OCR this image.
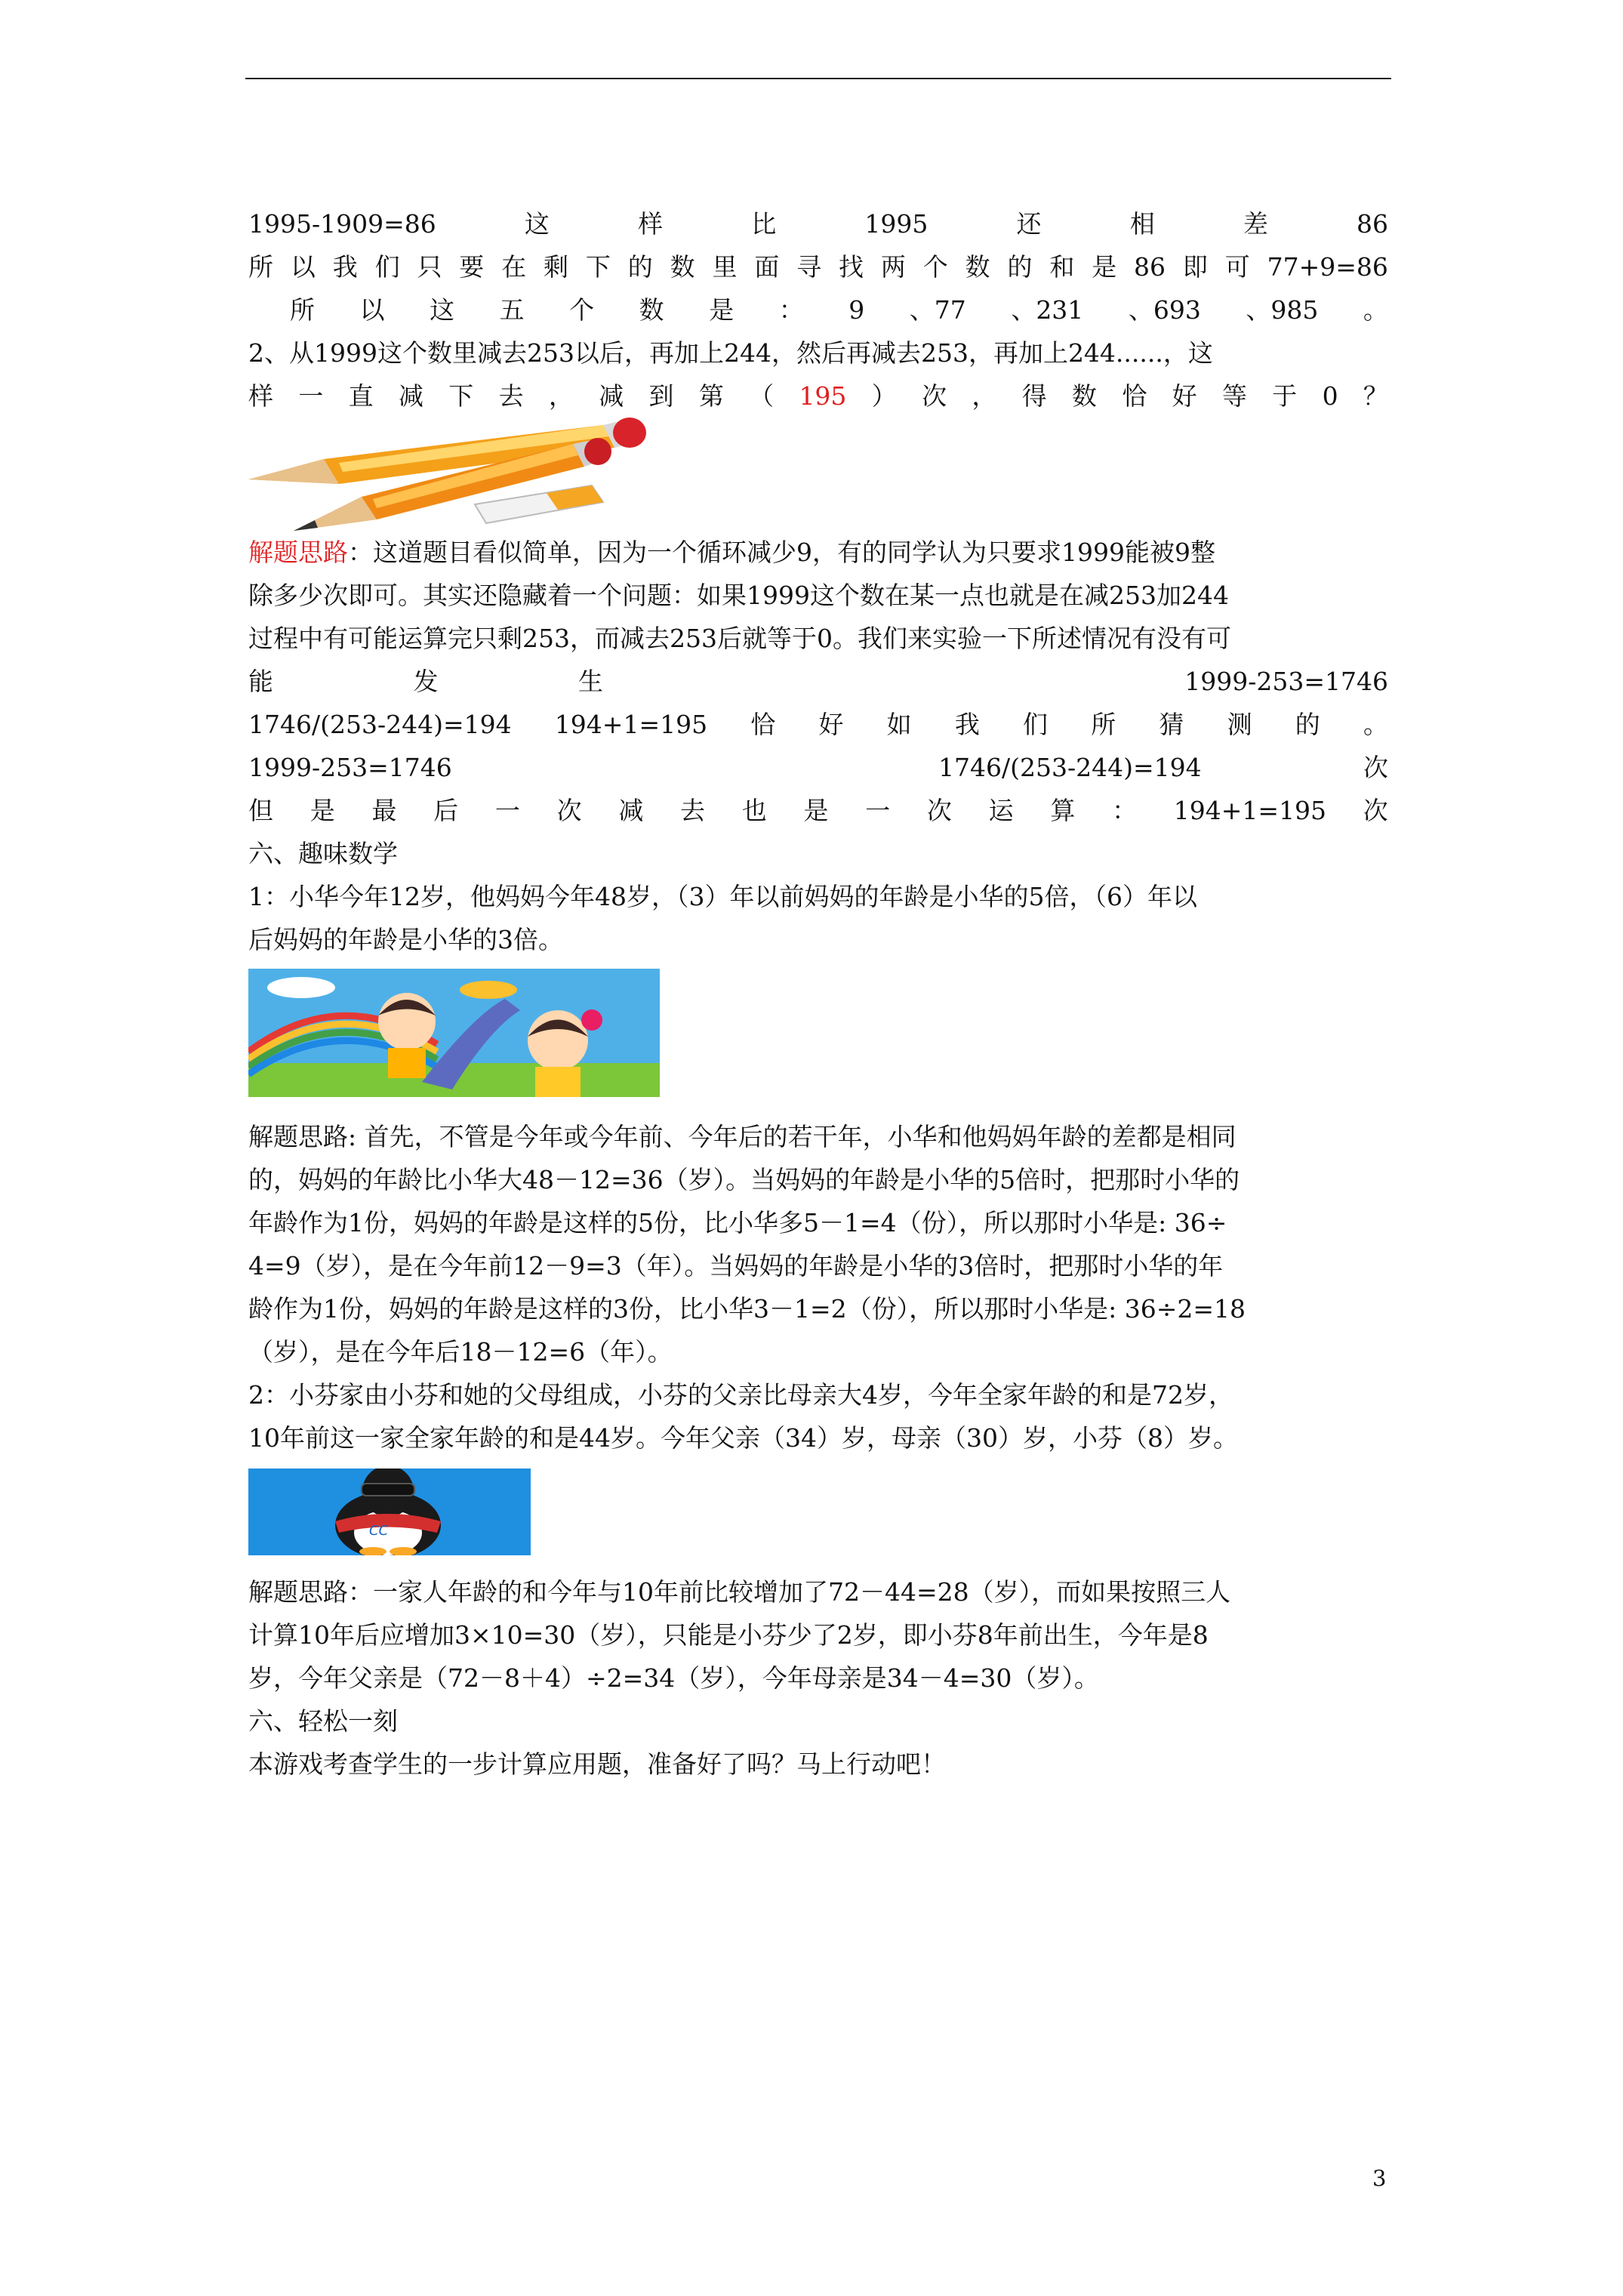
1995-1909=86	这	样	比	1995	还	相	差	86
所 以 我 们 只 要 在 剩 下 的 数 里 面 寻 找 两 个 数 的 和 是 86 即 可 77+9=86
所 以 这 五 个 数 是 ： 9 、77 、231 、693 、985 。
2、从1999这个数里减去253以后，再加上244，然后再减去253，再加上244......，这
样 一 直 减 下 去 ， 减 到 第 （ 195 ） 次 ， 得 数 恰 好 等 于 0 ？
解题思路：这道题目看似简单，因为一个循环减少9，有的同学认为只要求1999能被9整
除多少次即可。其实还隐藏着一个问题：如果1999这个数在某一点也就是在减253加244
过程中有可能运算完只剩253，而减去253后就等于0。我们来实验一下所述情况有没有可
能	发	生	1999-253=1746
1746/(253-244)=194 194+1=195 恰 好 如 我 们 所 猜 测 的 。
1999-253=1746	1746/(253-244)=194	次
但 是 最 后 一 次 减 去 也 是 一 次 运 算 ： 194+1=195 次
六、趣味数学
1：小华今年12岁，他妈妈今年48岁，（3）年以前妈妈的年龄是小华的5倍，（6）年以
后妈妈的年龄是小华的3倍。
解题思路: 首先，不管是今年或今年前、今年后的若干年，小华和他妈妈年龄的差都是相同
的，妈妈的年龄比小华大48－12=36（岁）。当妈妈的年龄是小华的5倍时，把那时小华的
年龄作为1份，妈妈的年龄是这样的5份，比小华多5－1=4（份），所以那时小华是: 36÷
4=9（岁），是在今年前12－9=3（年）。当妈妈的年龄是小华的3倍时，把那时小华的年
龄作为1份，妈妈的年龄是这样的3份，比小华3－1=2（份），所以那时小华是: 36÷2=18
（岁），是在今年后18－12=6（年）。
2：小芬家由小芬和她的父母组成，小芬的父亲比母亲大4岁，今年全家年龄的和是72岁，
10年前这一家全家年龄的和是44岁。今年父亲（34）岁，母亲（30）岁，小芬（8）岁。
CC
解题思路：一家人年龄的和今年与10年前比较增加了72－44=28（岁），而如果按照三人
计算10年后应增加3×10=30（岁），只能是小芬少了2岁，即小芬8年前出生，今年是8
岁，今年父亲是（72－8＋4）÷2=34（岁），今年母亲是34－4=30（岁）。
六、轻松一刻
本游戏考查学生的一步计算应用题，准备好了吗？马上行动吧！
3
